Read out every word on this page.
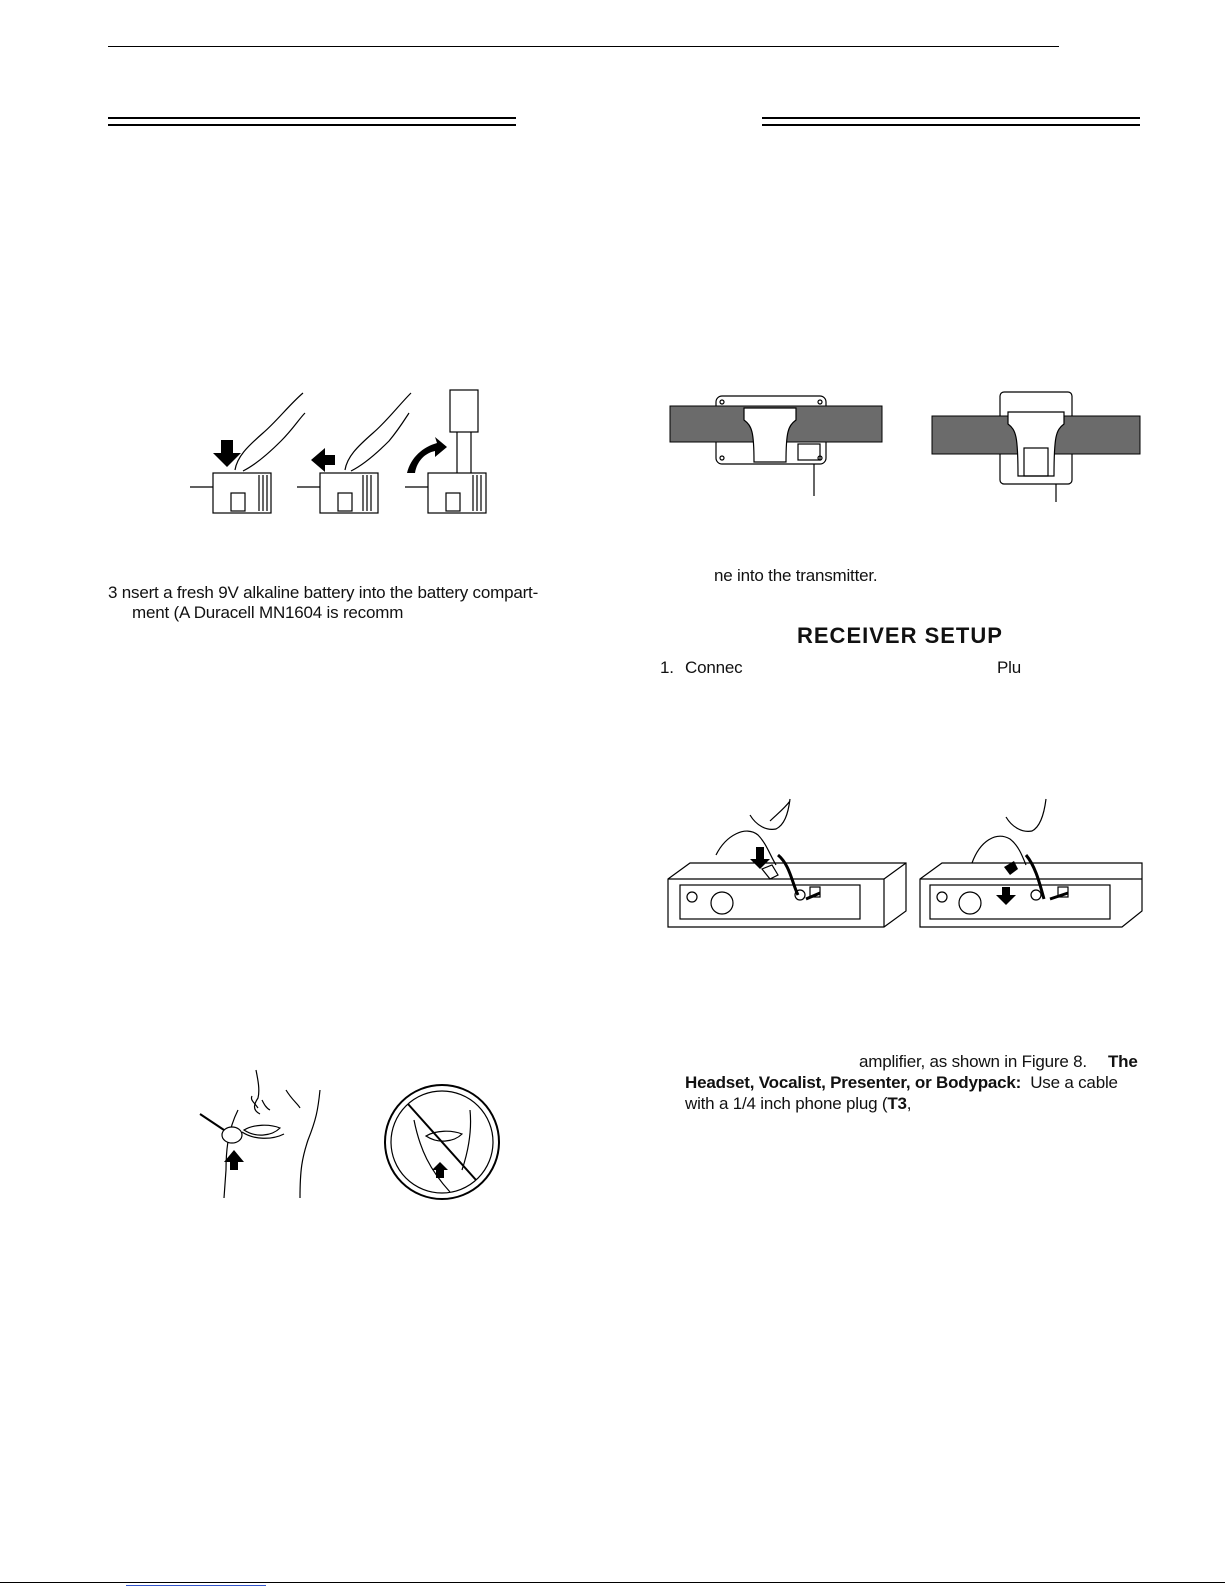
3 nsert a fresh 9V alkaline battery into the battery compart-
ment (A Duracell MN1604 is recomm
ne into the transmitter.
RECEIVER SETUP
1. Connec	Plu
amplifier, as shown in Figure 8. The
Headset, Vocalist, Presenter, or Bodypack: Use a cable
with a 1/4 inch phone plug (T3,
